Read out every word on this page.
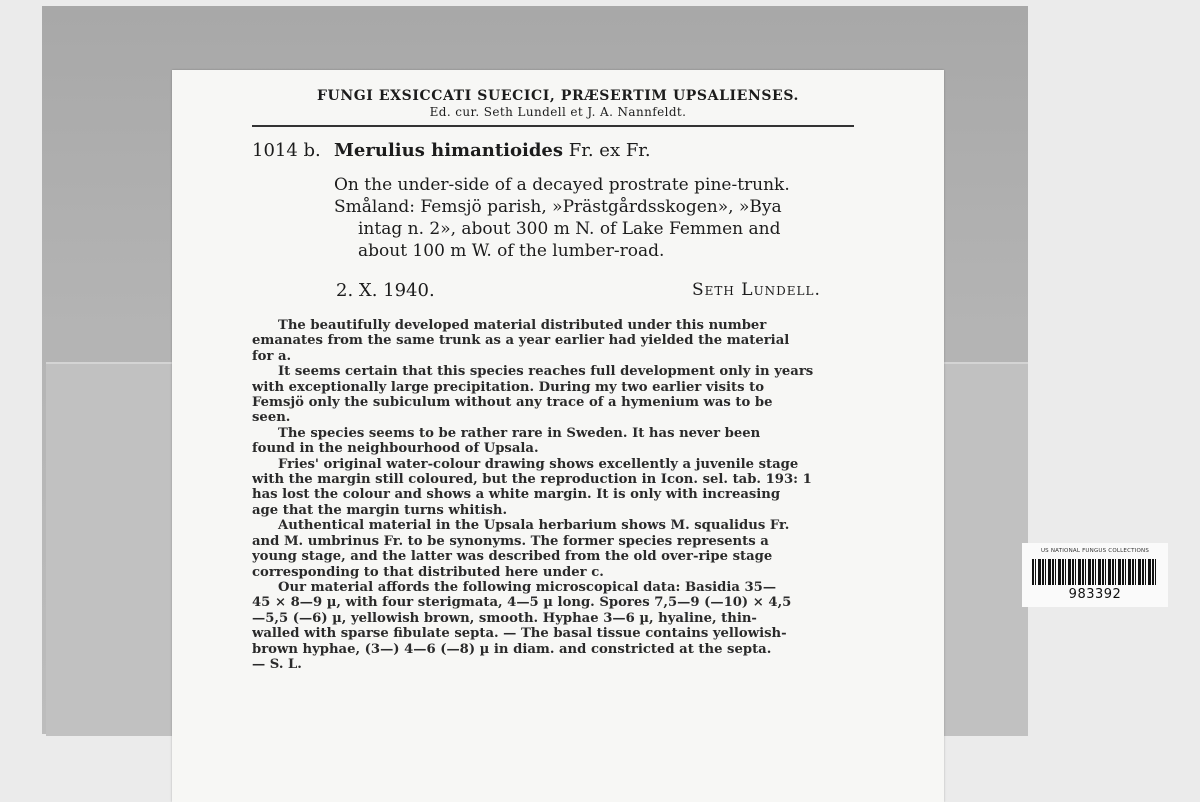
FUNGI EXSICCATI SUECICI, PRÆSERTIM UPSALIENSES.
Ed. cur. Seth Lundell et J. A. Nannfeldt.
1014 b. Merulius himantioides Fr. ex Fr.
On the under-side of a decayed prostrate pine-trunk.
Småland: Femsjö parish, »Prästgårdsskogen», »Bya
intag n. 2», about 300 m N. of Lake Femmen and
about 100 m W. of the lumber-road.
2. X. 1940.	Seth Lundell.
The beautifully developed material distributed under this number
emanates from the same trunk as a year earlier had yielded the material
for a.
It seems certain that this species reaches full development only in years
with exceptionally large precipitation. During my two earlier visits to
Femsjö only the subiculum without any trace of a hymenium was to be
seen.
The species seems to be rather rare in Sweden. It has never been
found in the neighbourhood of Upsala.
Fries' original water-colour drawing shows excellently a juvenile stage
with the margin still coloured, but the reproduction in Icon. sel. tab. 193: 1
has lost the colour and shows a white margin. It is only with increasing
age that the margin turns whitish.
Authentical material in the Upsala herbarium shows M. squalidus Fr.
and M. umbrinus Fr. to be synonyms. The former species represents a
young stage, and the latter was described from the old over-ripe stage
corresponding to that distributed here under c.
Our material affords the following microscopical data: Basidia 35—
45 × 8—9 µ, with four sterigmata, 4—5 µ long. Spores 7,5—9 (—10) × 4,5
—5,5 (—6) µ, yellowish brown, smooth. Hyphae 3—6 µ, hyaline, thin-
walled with sparse fibulate septa. — The basal tissue contains yellowish-
brown hyphae, (3—) 4—6 (—8) µ in diam. and constricted at the septa.
— S. L.
US NATIONAL FUNGUS COLLECTIONS
983392
